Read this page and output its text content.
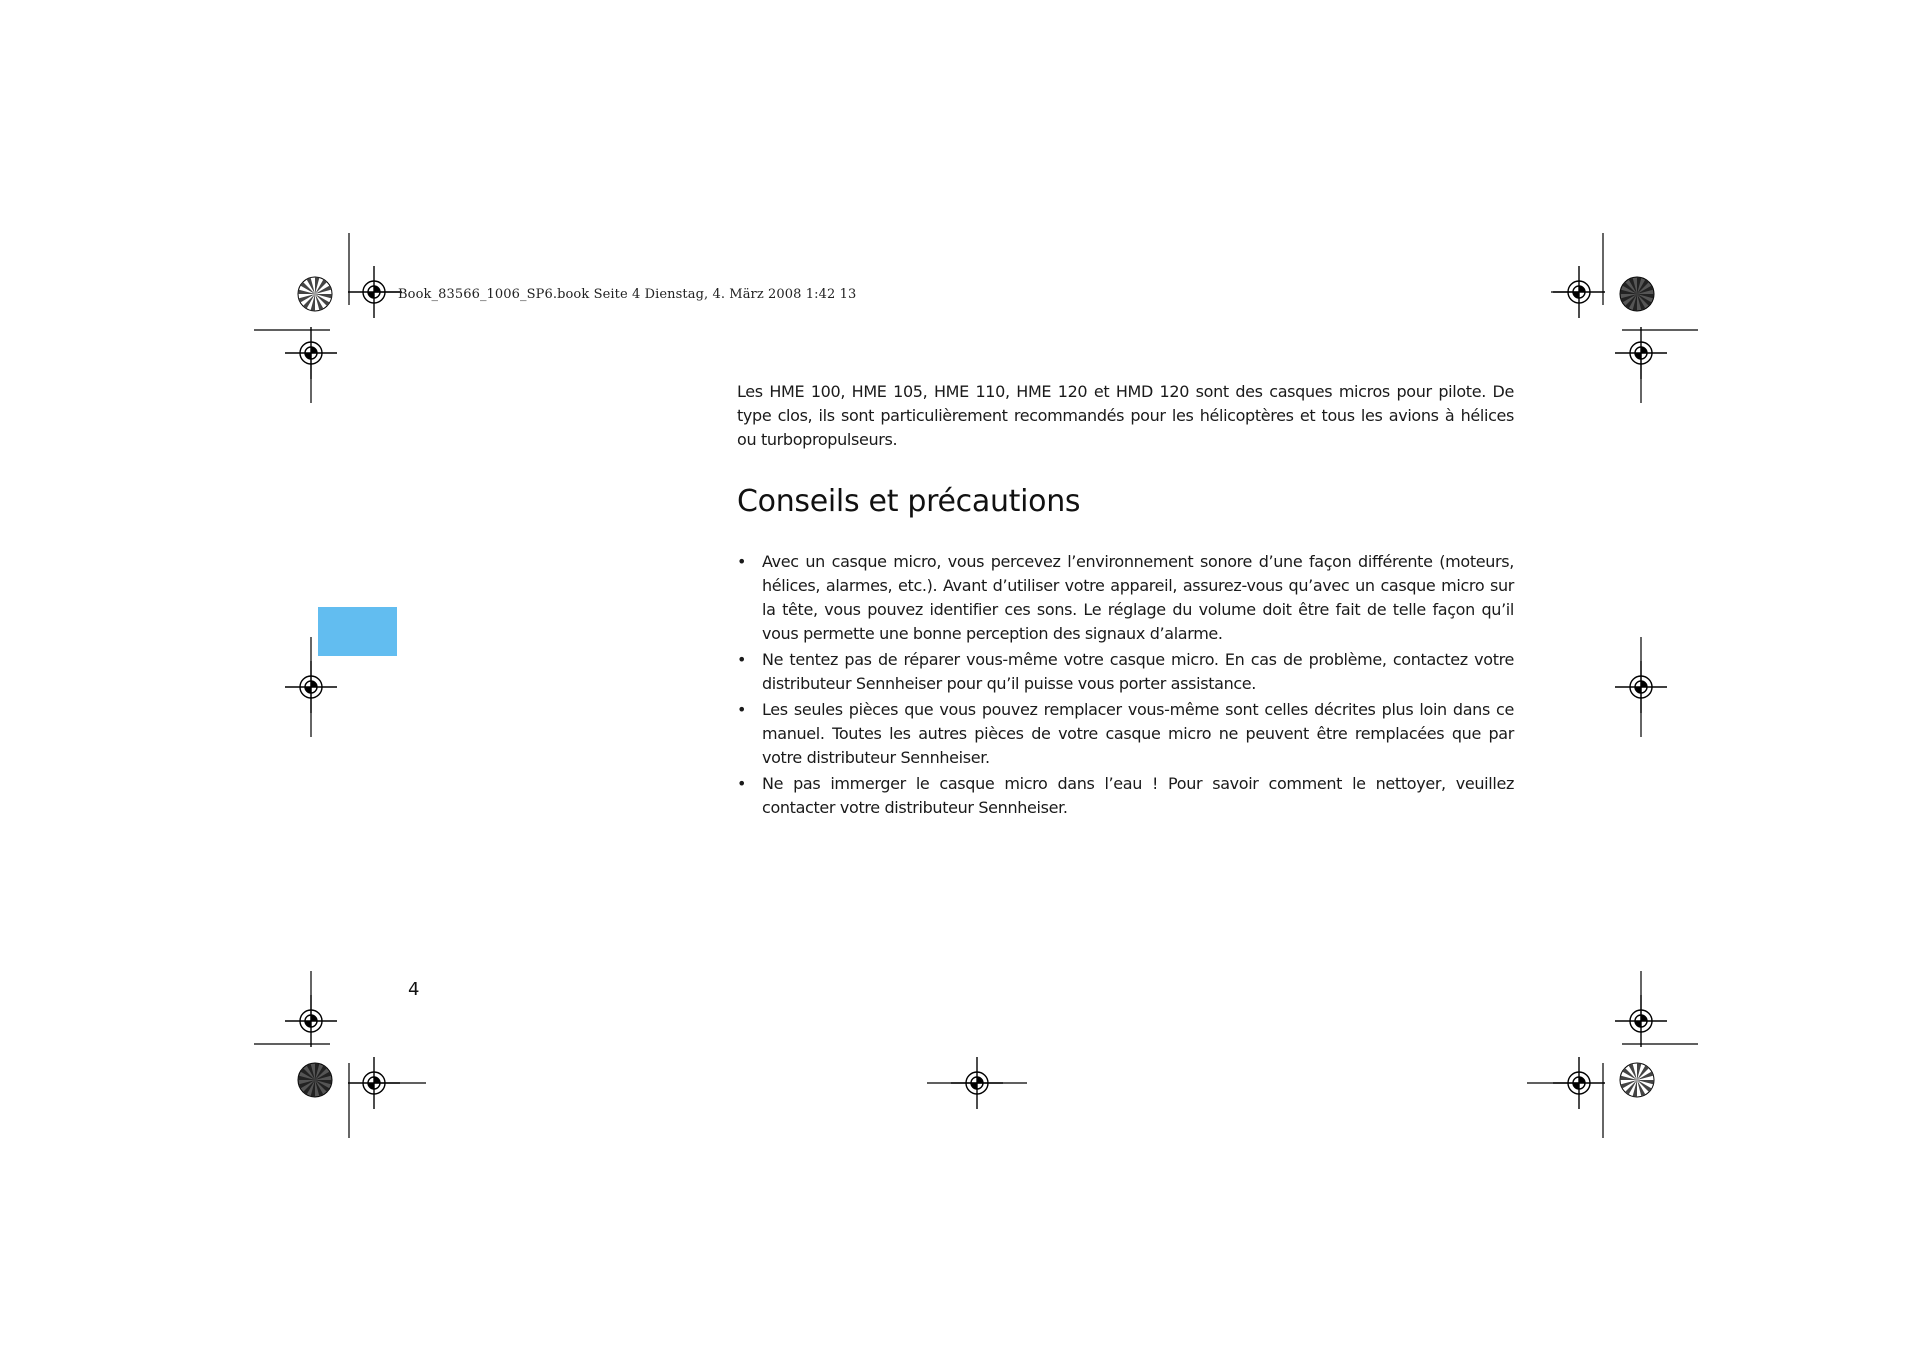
Book_83566_1006_SP6.book Seite 4 Dienstag, 4. März 2008 1:42 13

Les HME 100, HME 105, HME 110, HME 120 et HMD 120 sont des casques micros pour pilote. De type clos, ils sont particulièrement recommandés pour les hélicoptères et tous les avions à hélices ou turbopropulseurs.

Conseils et précautions
• Avec un casque micro, vous percevez l’environnement sonore d’une façon différente (moteurs, hélices, alarmes, etc.). Avant d’utiliser votre appareil, assurez-vous qu’avec un casque micro sur la tête, vous pouvez identifier ces sons. Le réglage du volume doit être fait de telle façon qu’il vous permette une bonne perception des signaux d’alarme.
• Ne tentez pas de réparer vous-même votre casque micro. En cas de problème, contactez votre distributeur Sennheiser pour qu’il puisse vous porter assistance.
• Les seules pièces que vous pouvez remplacer vous-même sont celles décrites plus loin dans ce manuel. Toutes les autres pièces de votre casque micro ne peuvent être remplacées que par votre distributeur Sennheiser.
• Ne pas immerger le casque micro dans l’eau ! Pour savoir comment le nettoyer, veuillez contacter votre distributeur Sennheiser.
4
